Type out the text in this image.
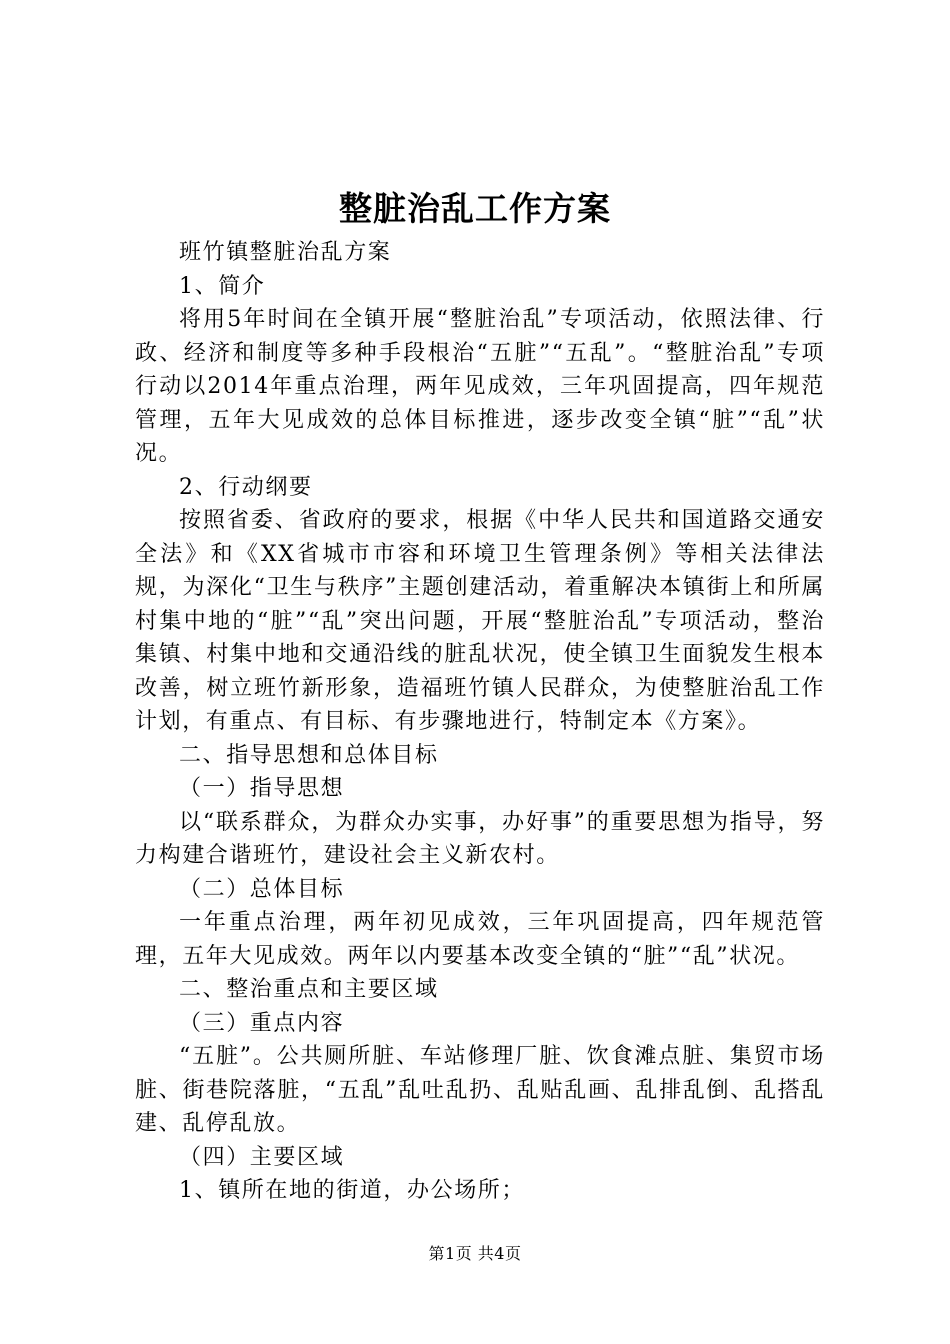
整脏治乱工作方案

班竹镇整脏治乱方案

1、简介

将用5年时间在全镇开展“整脏治乱”专项活动，依照法律、行政、经济和制度等多种手段根治“五脏”“五乱”。“整脏治乱”专项行动以2014年重点治理，两年见成效，三年巩固提高，四年规范管理，五年大见成效的总体目标推进，逐步改变全镇“脏”“乱”状况。

2、行动纲要

按照省委、省政府的要求，根据《中华人民共和国道路交通安全法》和《XX省城市市容和环境卫生管理条例》等相关法律法规，为深化“卫生与秩序”主题创建活动，着重解决本镇街上和所属村集中地的“脏”“乱”突出问题，开展“整脏治乱”专项活动，整治集镇、村集中地和交通沿线的脏乱状况，使全镇卫生面貌发生根本改善，树立班竹新形象，造福班竹镇人民群众，为使整脏治乱工作计划，有重点、有目标、有步骤地进行，特制定本《方案》。

二、指导思想和总体目标

（一）指导思想

以“联系群众，为群众办实事，办好事”的重要思想为指导，努力构建合谐班竹，建设社会主义新农村。

（二）总体目标

一年重点治理，两年初见成效，三年巩固提高，四年规范管理，五年大见成效。两年以内要基本改变全镇的“脏”“乱”状况。

二、整治重点和主要区域

（三）重点内容

“五脏”。公共厕所脏、车站修理厂脏、饮食滩点脏、集贸市场脏、街巷院落脏，“五乱”乱吐乱扔、乱贴乱画、乱排乱倒、乱搭乱建、乱停乱放。

（四）主要区域

1、镇所在地的街道，办公场所；

第1页 共4页
